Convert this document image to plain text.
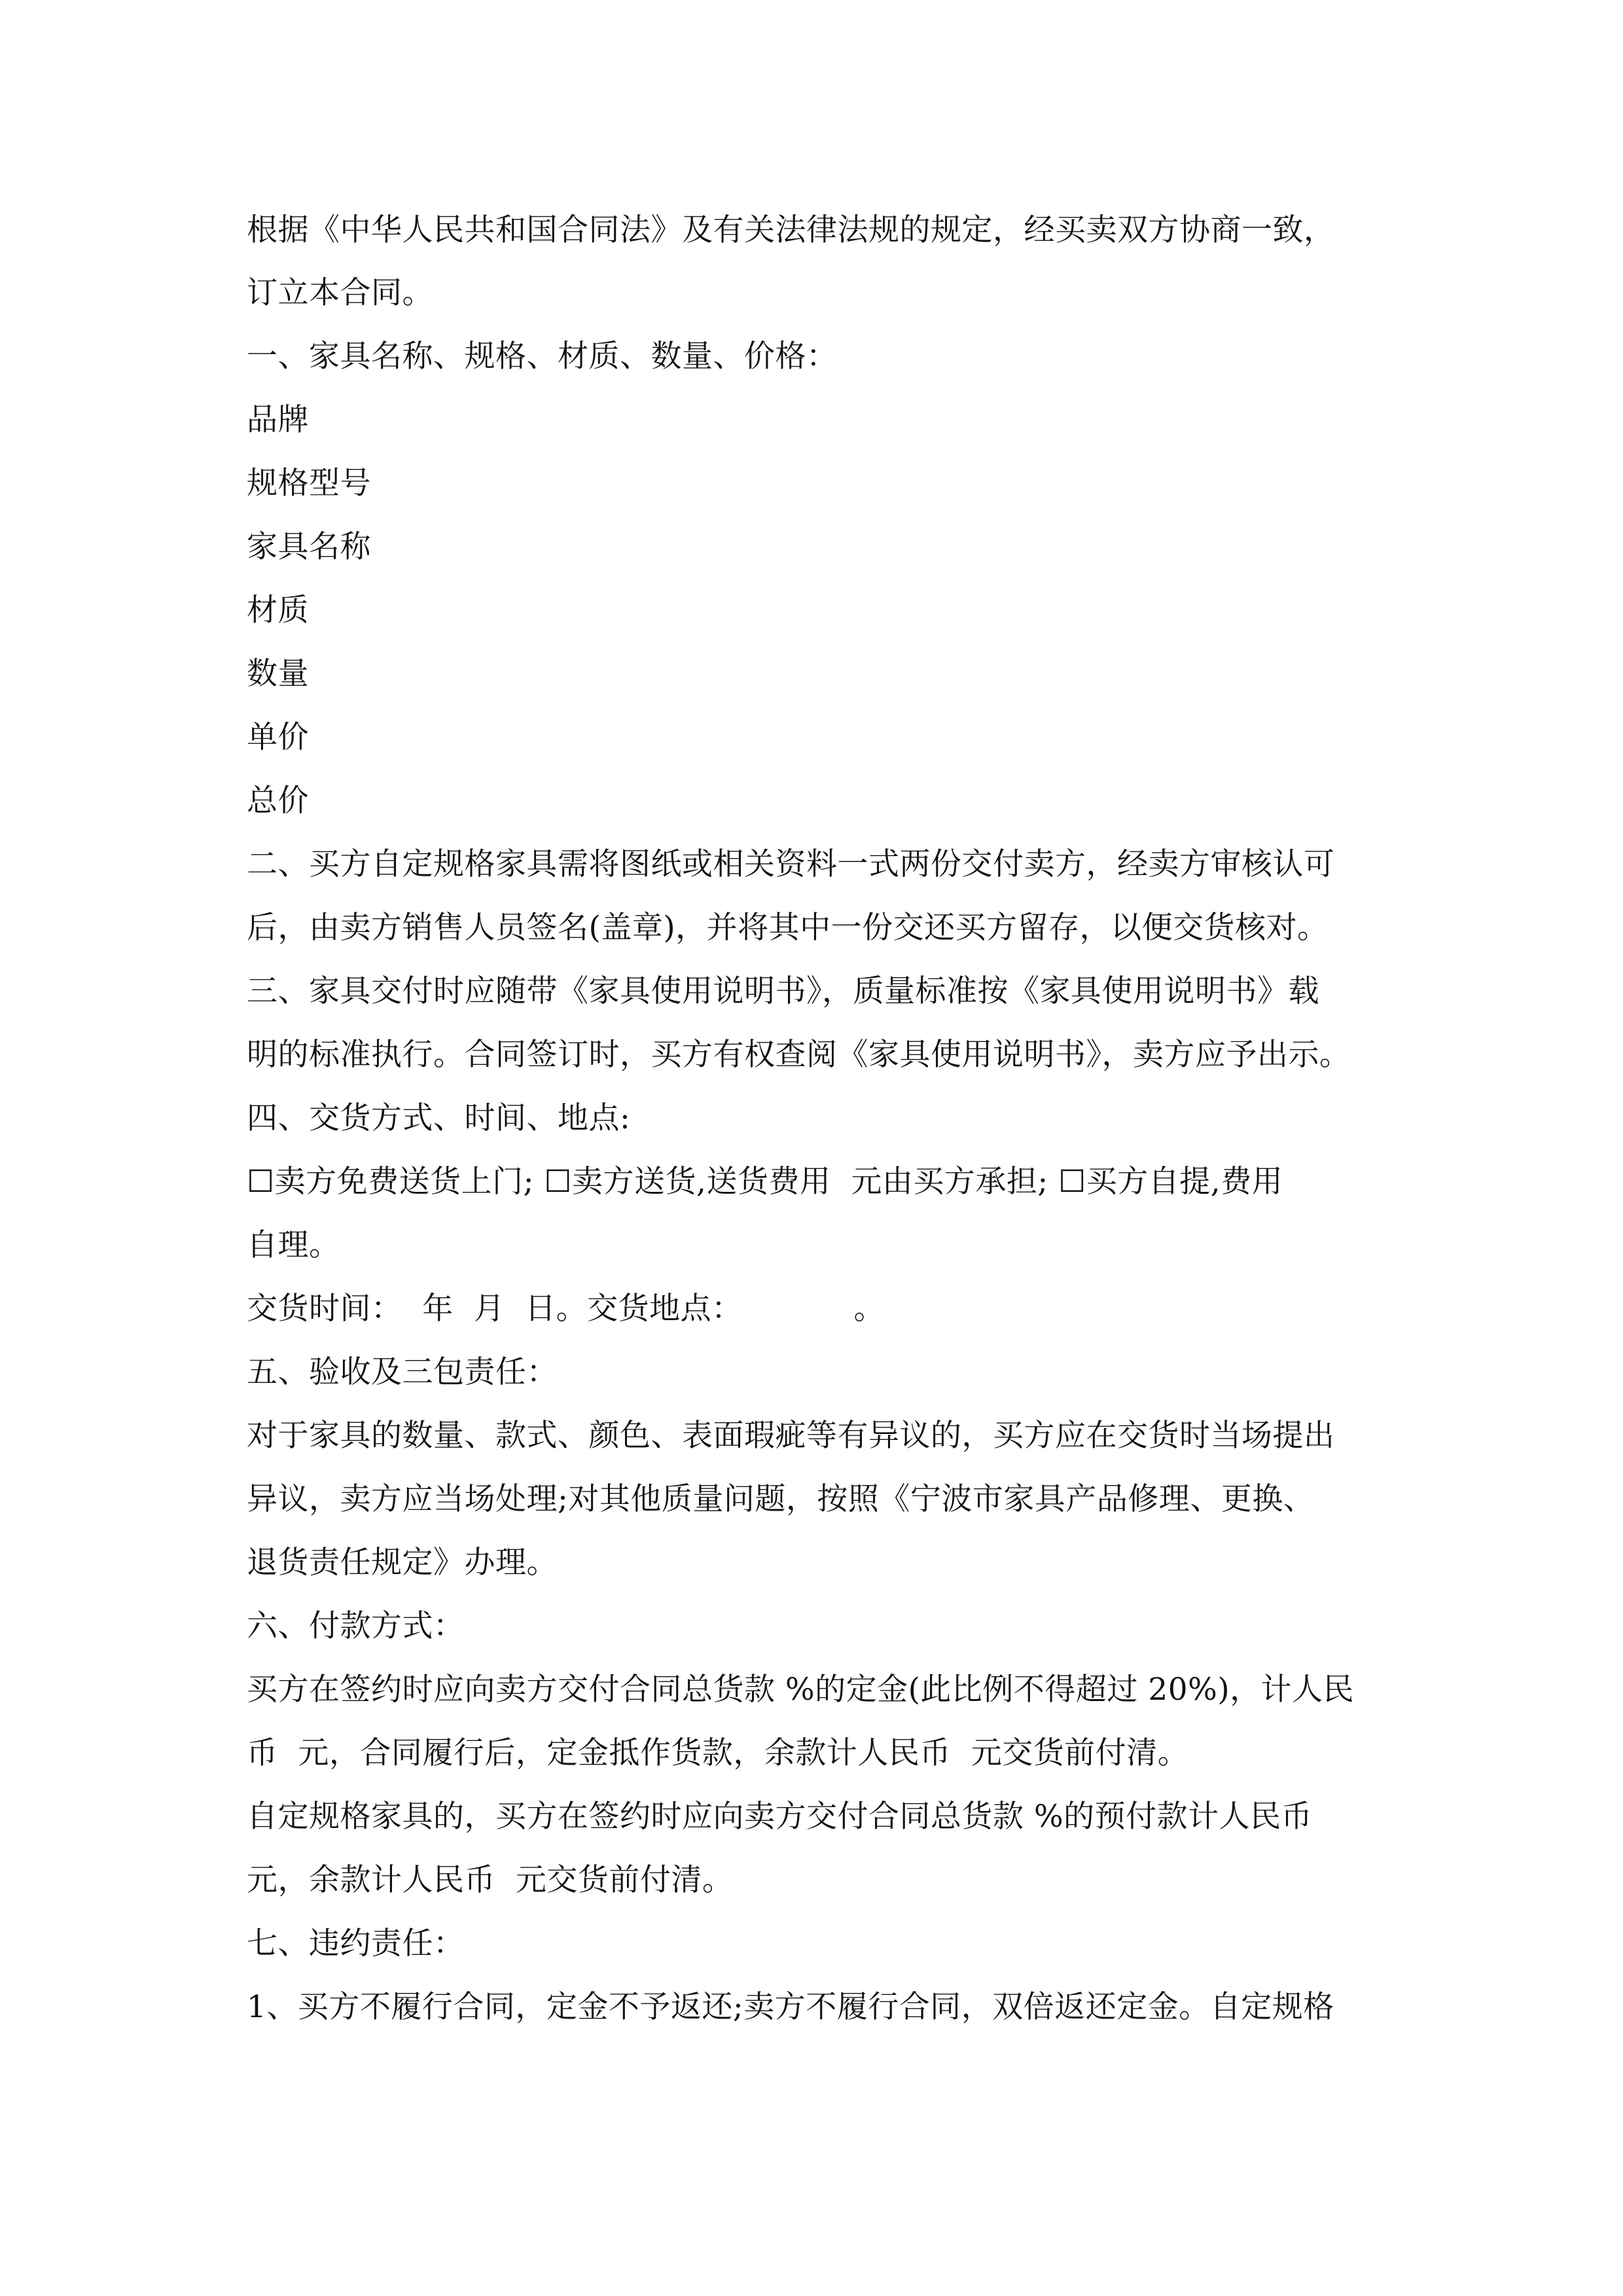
根据《中华人民共和国合同法》及有关法律法规的规定，经买卖双方协商一致，
订立本合同。
一、家具名称、规格、材质、数量、价格：
品牌
规格型号
家具名称
材质
数量
单价
总价
二、买方自定规格家具需将图纸或相关资料一式两份交付卖方，经卖方审核认可
后，由卖方销售人员签名(盖章)，并将其中一份交还买方留存，以便交货核对。
三、家具交付时应随带《家具使用说明书》，质量标准按《家具使用说明书》载
明的标准执行。合同签订时，买方有权查阅《家具使用说明书》，卖方应予出示。
四、交货方式、时间、地点:
☐卖方免费送货上门; ☐卖方送货,送货费用  元由买方承担; ☐买方自提,费用
自理。
交货时间：  年  月  日。交货地点：           。
五、验收及三包责任：
对于家具的数量、款式、颜色、表面瑕疵等有异议的，买方应在交货时当场提出
异议，卖方应当场处理;对其他质量问题，按照《宁波市家具产品修理、更换、
退货责任规定》办理。
六、付款方式：
买方在签约时应向卖方交付合同总货款 %的定金(此比例不得超过 20%)，计人民
币  元，合同履行后，定金抵作货款，余款计人民币  元交货前付清。
自定规格家具的，买方在签约时应向卖方交付合同总货款 %的预付款计人民币
元，余款计人民币  元交货前付清。
七、违约责任：
1、买方不履行合同，定金不予返还;卖方不履行合同，双倍返还定金。自定规格
